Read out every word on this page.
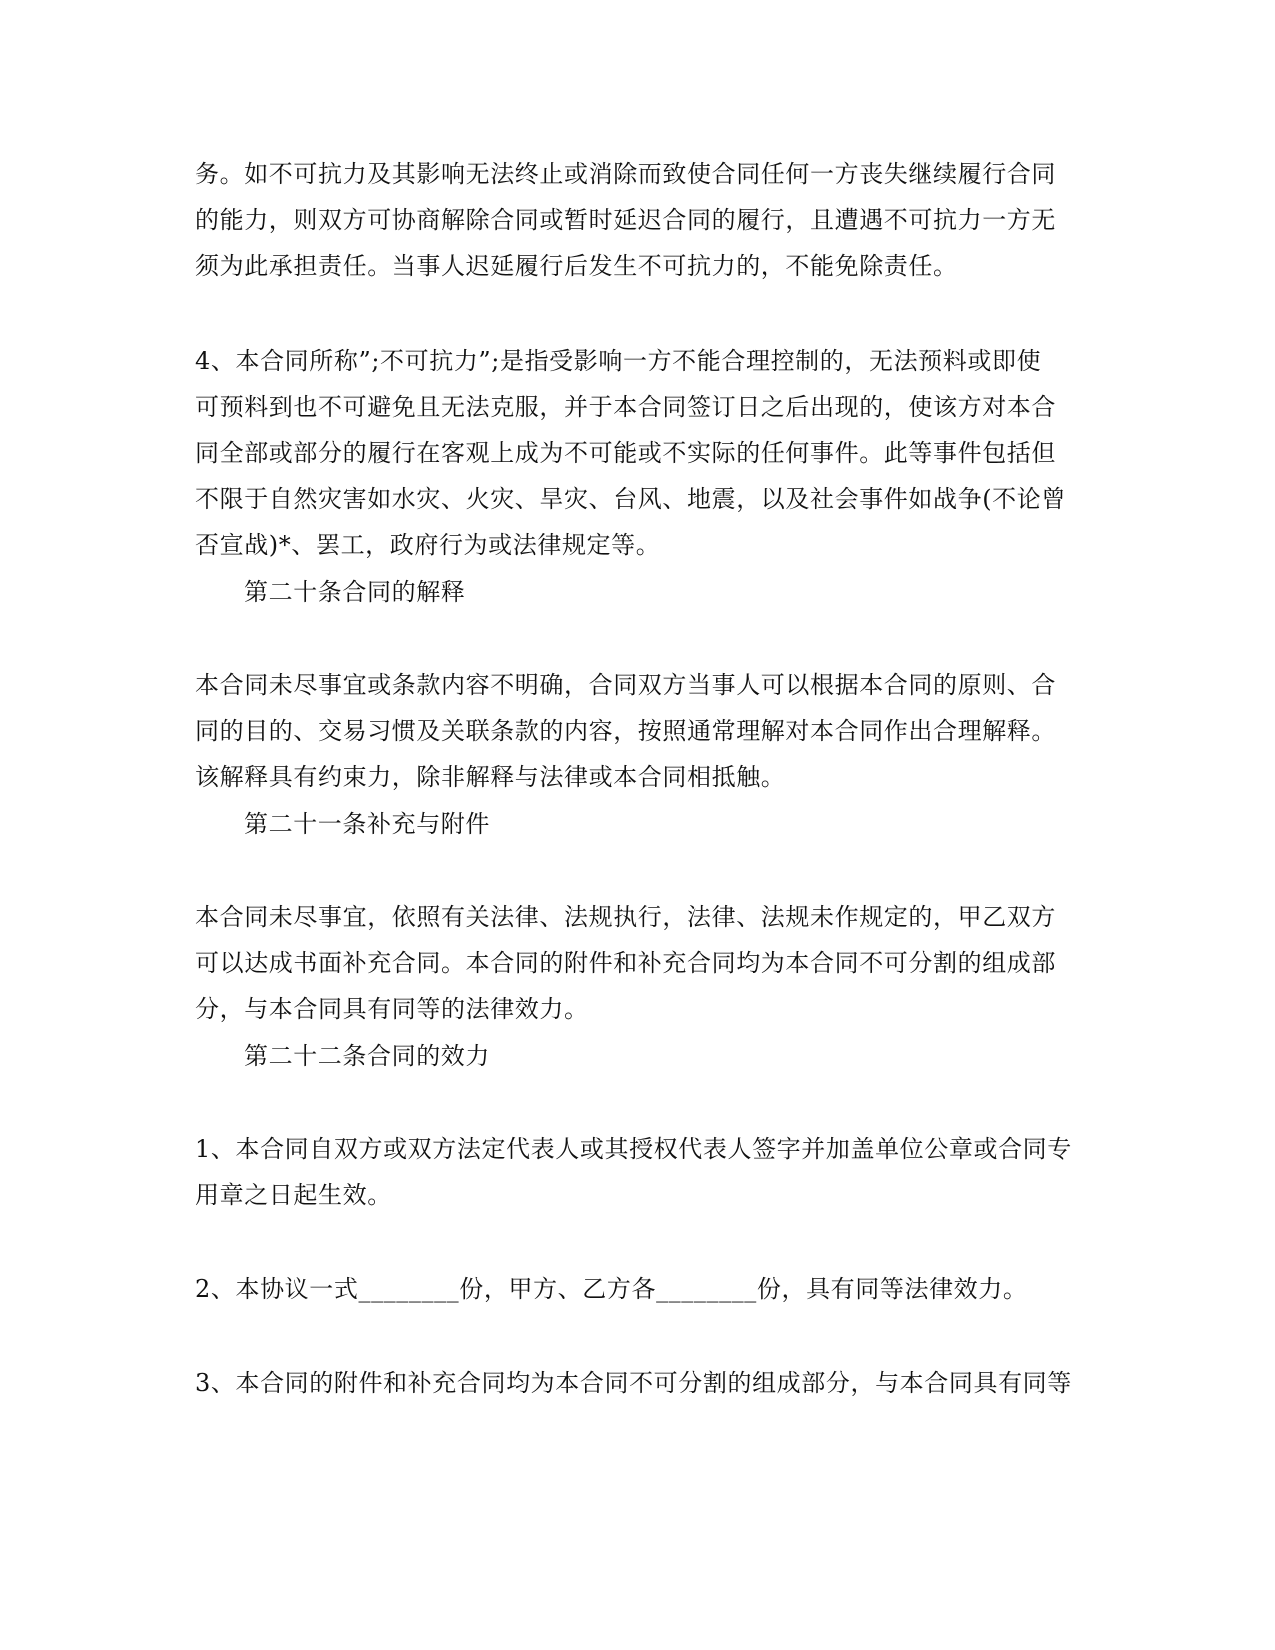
务。如不可抗力及其影响无法终止或消除而致使合同任何一方丧失继续履行合同
的能力，则双方可协商解除合同或暂时延迟合同的履行，且遭遇不可抗力一方无
须为此承担责任。当事人迟延履行后发生不可抗力的，不能免除责任。
4、本合同所称”;不可抗力”;是指受影响一方不能合理控制的，无法预料或即使
可预料到也不可避免且无法克服，并于本合同签订日之后出现的，使该方对本合
同全部或部分的履行在客观上成为不可能或不实际的任何事件。此等事件包括但
不限于自然灾害如水灾、火灾、旱灾、台风、地震，以及社会事件如战争(不论曾
否宣战)*、罢工，政府行为或法律规定等。
第二十条合同的解释
本合同未尽事宜或条款内容不明确，合同双方当事人可以根据本合同的原则、合
同的目的、交易习惯及关联条款的内容，按照通常理解对本合同作出合理解释。
该解释具有约束力，除非解释与法律或本合同相抵触。
第二十一条补充与附件
本合同未尽事宜，依照有关法律、法规执行，法律、法规未作规定的，甲乙双方
可以达成书面补充合同。本合同的附件和补充合同均为本合同不可分割的组成部
分，与本合同具有同等的法律效力。
第二十二条合同的效力
1、本合同自双方或双方法定代表人或其授权代表人签字并加盖单位公章或合同专
用章之日起生效。
2、本协议一式________份，甲方、乙方各________份，具有同等法律效力。
3、本合同的附件和补充合同均为本合同不可分割的组成部分，与本合同具有同等
